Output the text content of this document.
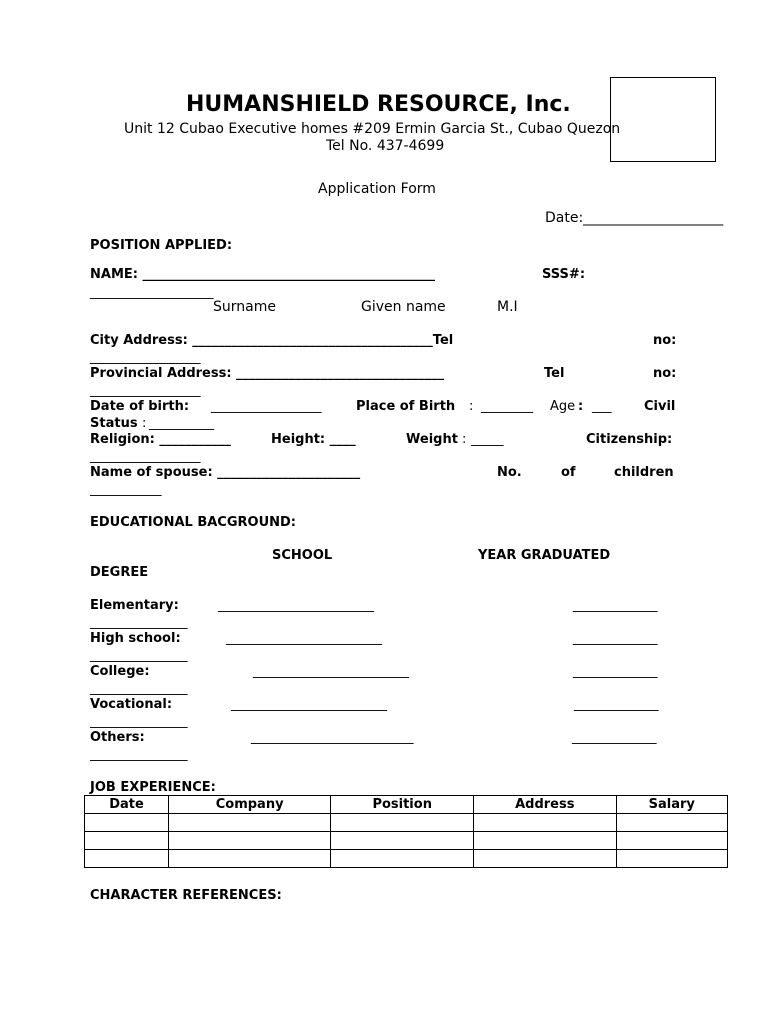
HUMANSHIELD RESOURCE, Inc.
Unit 12 Cubao Executive homes #209 Ermin Garcia St., Cubao Quezon
Tel No. 437-4699
Application Form
Date:____________________
POSITION APPLIED:
NAME: _____________________________________________	SSS#:
___________________
Surname	Given name	M.I
City Address: _____________________________________Tel	no:
_________________
Provincial Address: ________________________________	Tel	no:
_________________
Date of birth: _________________	Place of Birth : ________ Age : ___	Civil
Status : __________
Religion: ___________	Height: ____	Weight : _____	Citizenship:
_________________
Name of spouse: ______________________	No.	of	children
___________
EDUCATIONAL BACGROUND:
SCHOOL	YEAR GRADUATED
DEGREE
Elementary:	________________________	_____________
_______________
High school:	________________________	_____________
_______________
College:	________________________	_____________
_______________
Vocational:	________________________	_____________
_______________
Others:	_________________________	_____________
_______________
JOB EXPERIENCE:
Date	Company	Position	Address	Salary

CHARACTER REFERENCES:
